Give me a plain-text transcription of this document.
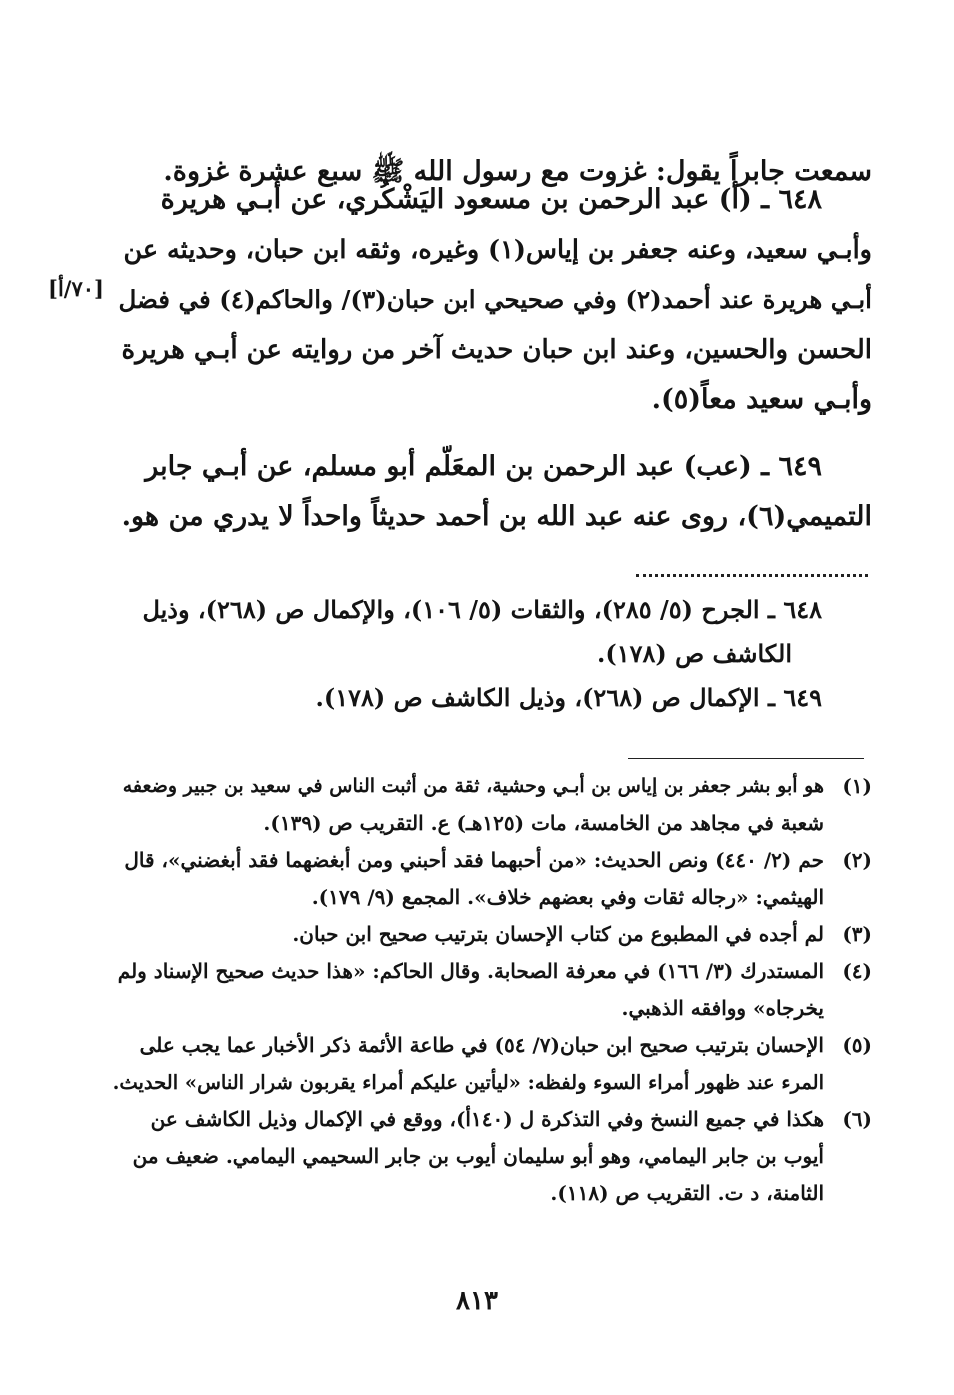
سمعت جابراً يقول: غزوت مع رسول الله ﷺ سبع عشرة غزوة.

٦٤٨ ـ (أ) عبد الرحمن بن مسعود اليَشْكُري، عن أبـي هريرة
وأبـي سعيد، وعنه جعفر بن إياس(١) وغيره، وثقه ابن حبان، وحديثه عن
أبـي هريرة عند أحمد(٢) وفي صحيحي ابن حبان(٣)/ والحاكم(٤) في فضل
الحسن والحسين، وعند ابن حبان حديث آخر من روايته عن أبـي هريرة
وأبـي سعيد معاً(٥).
[٧٠/أ]
٦٤٩ ـ (عب) عبد الرحمن بن المعَلّم أبو مسلم، عن أبـي جابر
التميمي(٦)، روى عنه عبد الله بن أحمد حديثاً واحداً لا يدري من هو.
٦٤٨ ـ الجرح (٥/ ٢٨٥)، والثقات (٥/ ١٠٦)، والإكمال ص (٢٦٨)، وذيل
الكاشف ص (١٧٨).
٦٤٩ ـ الإكمال ص (٢٦٨)، وذيل الكاشف ص (١٧٨).
(١)
هو أبو بشر جعفر بن إياس بن أبـي وحشية، ثقة من أثبت الناس في سعيد بن جبير وضعفه
شعبة في مجاهد من الخامسة، مات (١٢٥هـ) ع. التقريب ص (١٣٩).
(٢)
حم (٢/ ٤٤٠) ونص الحديث: «من أحبهما فقد أحبني ومن أبغضهما فقد أبغضني»، قال
الهيثمي: «رجاله ثقات وفي بعضهم خلاف». المجمع (٩/ ١٧٩).
(٣)
لم أجده في المطبوع من كتاب الإحسان بترتيب صحيح ابن حبان.
(٤)
المستدرك (٣/ ١٦٦) في معرفة الصحابة. وقال الحاكم: «هذا حديث صحيح الإسناد ولم
يخرجاه» ووافقه الذهبي.
(٥)
الإحسان بترتيب صحيح ابن حبان(٧/ ٥٤) في طاعة الأئمة ذكر الأخبار عما يجب على
المرء عند ظهور أمراء السوء ولفظه: «ليأتين عليكم أمراء يقربون شرار الناس» الحديث.
(٦)
هكذا في جميع النسخ وفي التذكرة ل (١٤٠أ)، ووقع في الإكمال وذيل الكاشف عن
أيوب بن جابر اليمامي، وهو أبو سليمان أيوب بن جابر السحيمي اليمامي. ضعيف من
الثامنة، د ت. التقريب ص (١١٨).
٨١٣
